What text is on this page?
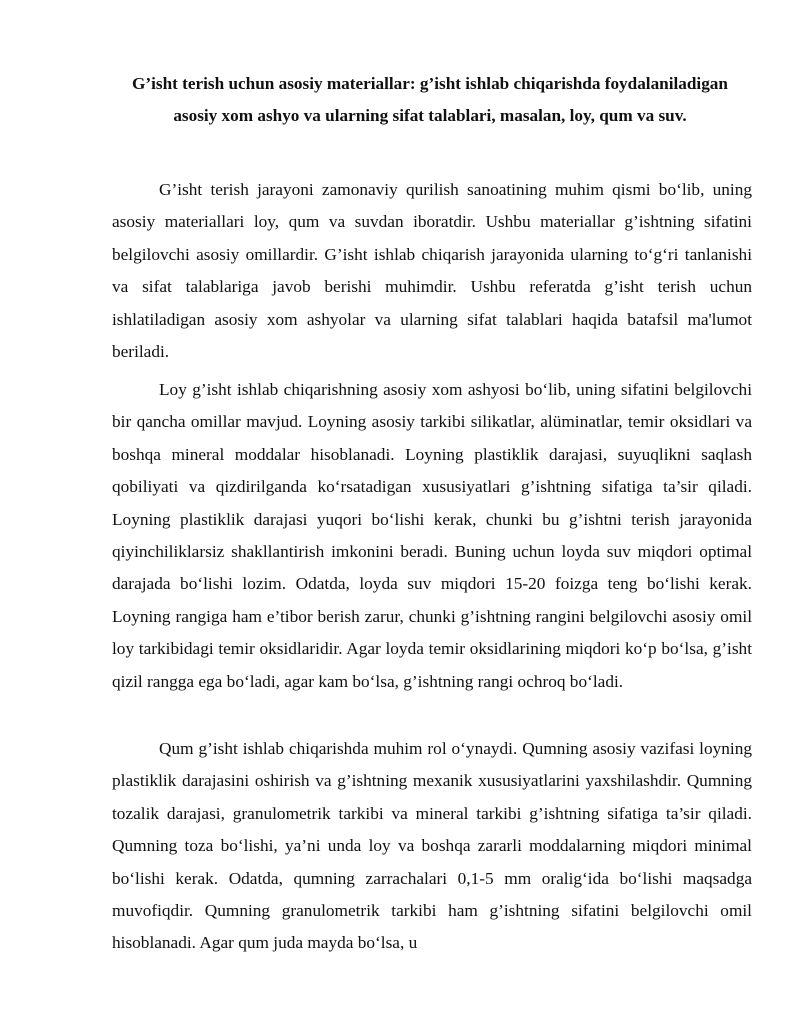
G’isht terish uchun asosiy materiallar: g’isht ishlab chiqarishda foydalaniladigan asosiy xom ashyo va ularning sifat talablari, masalan, loy, qum va suv.

G’isht terish jarayoni zamonaviy qurilish sanoatining muhim qismi bo‘lib, uning asosiy materiallari loy, qum va suvdan iboratdir. Ushbu materiallar g’ishtning sifatini belgilovchi asosiy omillardir. G’isht ishlab chiqarish jarayonida ularning to‘g‘ri tanlanishi va sifat talablariga javob berishi muhimdir. Ushbu referatda g’isht terish uchun ishlatiladigan asosiy xom ashyolar va ularning sifat talablari haqida batafsil ma'lumot beriladi.

Loy g’isht ishlab chiqarishning asosiy xom ashyosi bo‘lib, uning sifatini belgilovchi bir qancha omillar mavjud. Loyning asosiy tarkibi silikatlar, alüminatlar, temir oksidlari va boshqa mineral moddalar hisoblanadi. Loyning plastiklik darajasi, suyuqlikni saqlash qobiliyati va qizdirilganda ko‘rsatadigan xususiyatlari g’ishtning sifatiga ta’sir qiladi. Loyning plastiklik darajasi yuqori bo‘lishi kerak, chunki bu g’ishtni terish jarayonida qiyinchiliklarsiz shakllantirish imkonini beradi. Buning uchun loyda suv miqdori optimal darajada bo‘lishi lozim. Odatda, loyda suv miqdori 15-20 foizga teng bo‘lishi kerak. Loyning rangiga ham e’tibor berish zarur, chunki g’ishtning rangini belgilovchi asosiy omil loy tarkibidagi temir oksidlaridir. Agar loyda temir oksidlarining miqdori ko‘p bo‘lsa, g’isht qizil rangga ega bo‘ladi, agar kam bo‘lsa, g’ishtning rangi ochroq bo‘ladi.

Qum g’isht ishlab chiqarishda muhim rol o‘ynaydi. Qumning asosiy vazifasi loyning plastiklik darajasini oshirish va g’ishtning mexanik xususiyatlarini yaxshilashdir. Qumning tozalik darajasi, granulometrik tarkibi va mineral tarkibi g’ishtning sifatiga ta’sir qiladi. Qumning toza bo‘lishi, ya’ni unda loy va boshqa zararli moddalarning miqdori minimal bo‘lishi kerak. Odatda, qumning zarrachalari 0,1-5 mm oralig‘ida bo‘lishi maqsadga muvofiqdir. Qumning granulometrik tarkibi ham g’ishtning sifatini belgilovchi omil hisoblanadi. Agar qum juda mayda bo‘lsa, u
